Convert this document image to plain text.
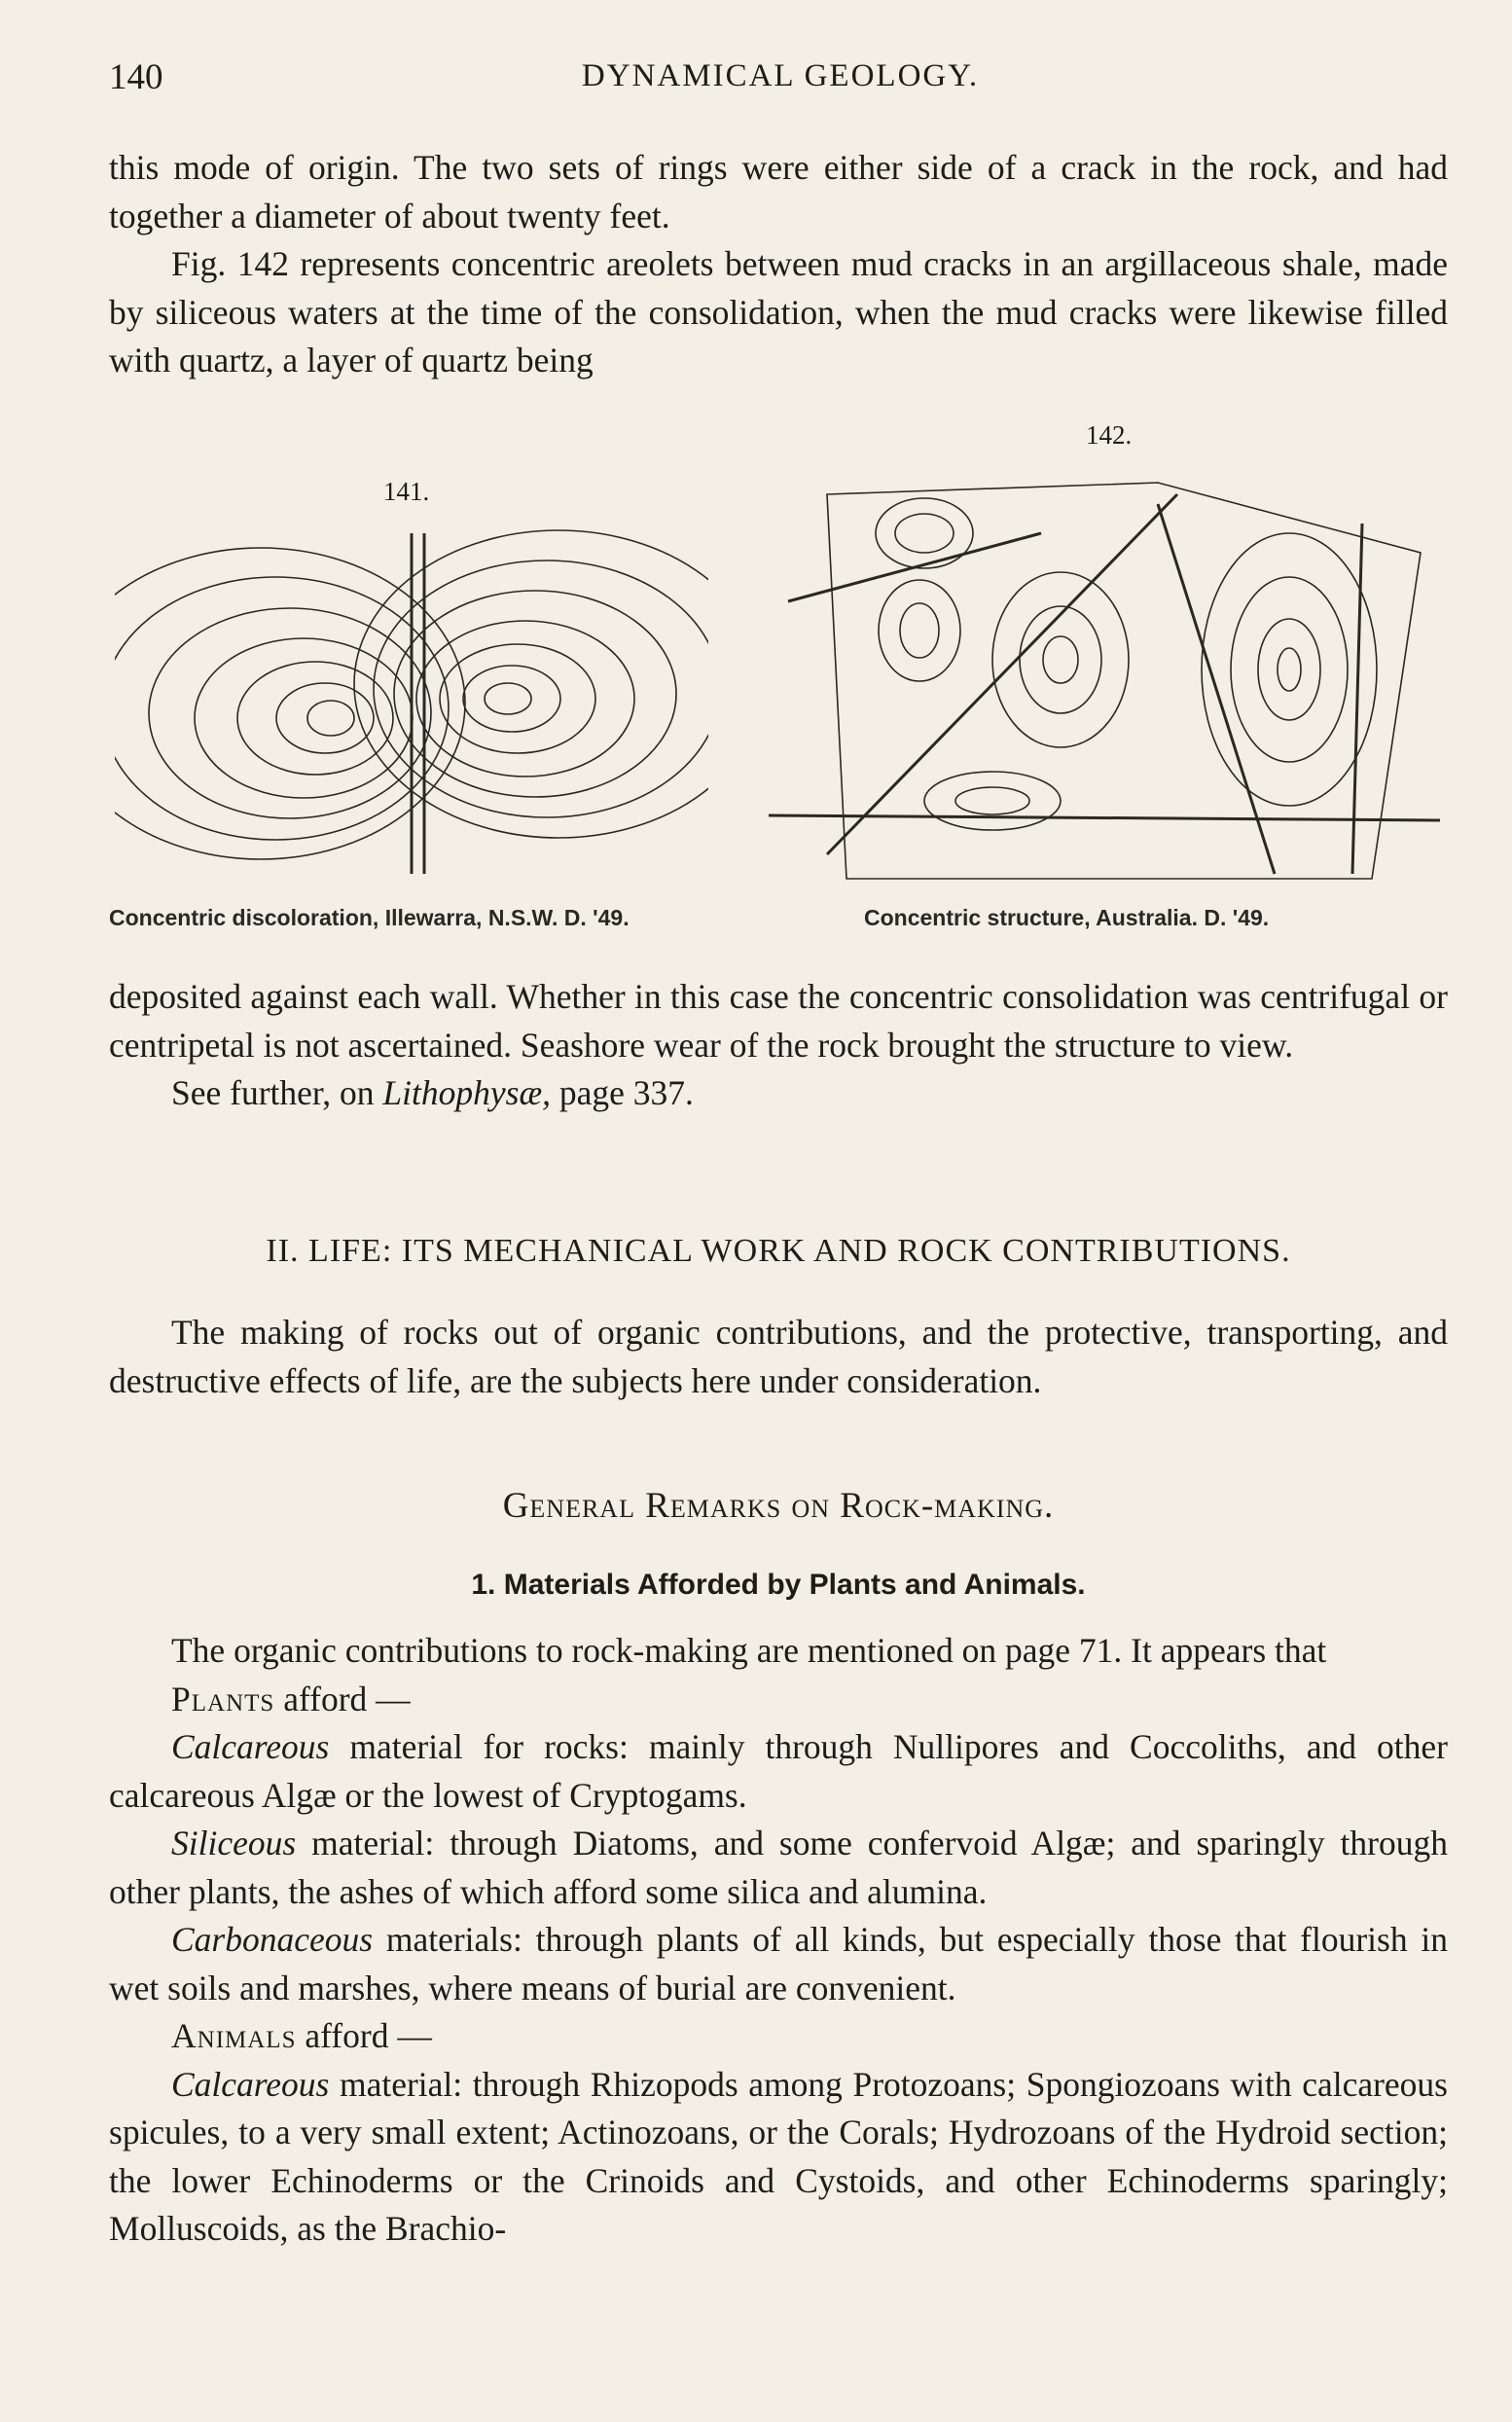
140	DYNAMICAL GEOLOGY.

this mode of origin. The two sets of rings were either side of a crack in the rock, and had together a diameter of about twenty feet.

Fig. 142 represents concentric areolets between mud cracks in an argillaceous shale, made by siliceous waters at the time of the consolidation, when the mud cracks were likewise filled with quartz, a layer of quartz being

141.
Concentric discoloration, Illewarra, N.S.W. D. '49.
142.
Concentric structure, Australia. D. '49.

deposited against each wall. Whether in this case the concentric consolidation was centrifugal or centripetal is not ascertained. Seashore wear of the rock brought the structure to view.

See further, on Lithophysæ, page 337.

II. LIFE: ITS MECHANICAL WORK AND ROCK CONTRIBUTIONS.

The making of rocks out of organic contributions, and the protective, transporting, and destructive effects of life, are the subjects here under consideration.

General Remarks on Rock-making.
1. Materials Afforded by Plants and Animals.

The organic contributions to rock-making are mentioned on page 71. It appears that

Plants afford —

Calcareous material for rocks: mainly through Nullipores and Coccoliths, and other calcareous Algæ or the lowest of Cryptogams.

Siliceous material: through Diatoms, and some confervoid Algæ; and sparingly through other plants, the ashes of which afford some silica and alumina.

Carbonaceous materials: through plants of all kinds, but especially those that flourish in wet soils and marshes, where means of burial are convenient.

Animals afford —

Calcareous material: through Rhizopods among Protozoans; Spongiozoans with calcareous spicules, to a very small extent; Actinozoans, or the Corals; Hydrozoans of the Hydroid section; the lower Echinoderms or the Crinoids and Cystoids, and other Echinoderms sparingly; Molluscoids, as the Brachio-
